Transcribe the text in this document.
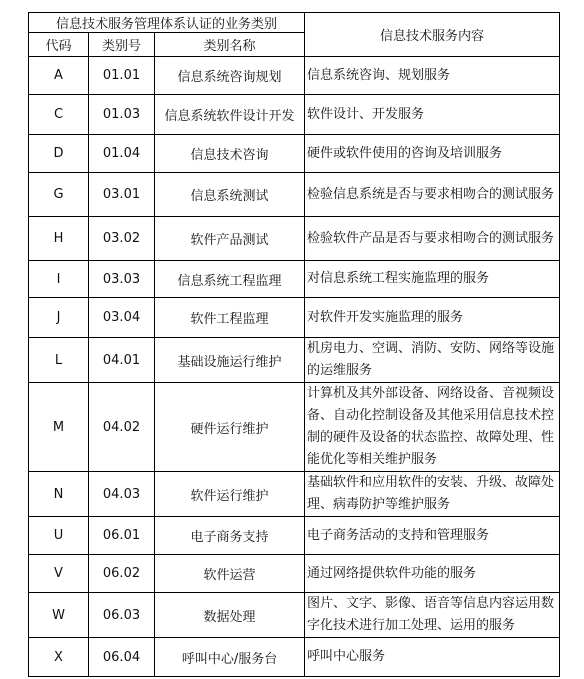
信息技术服务管理体系认证的业务类别			信息技术服务内容
代码	类别号	类别名称	
A	01.01	信息系统咨询规划	信息系统咨询、规划服务
C	01.03	信息系统软件设计开发	软件设计、开发服务
D	01.04	信息技术咨询	硬件或软件使用的咨询及培训服务
G	03.01	信息系统测试	检验信息系统是否与要求相吻合的测试服务
H	03.02	软件产品测试	检验软件产品是否与要求相吻合的测试服务
I	03.03	信息系统工程监理	对信息系统工程实施监理的服务
J	03.04	软件工程监理	对软件开发实施监理的服务
L	04.01	基础设施运行维护	机房电力、空调、消防、安防、网络等设施的运维服务
M	04.02	硬件运行维护	计算机及其外部设备、网络设备、音视频设备、自动化控制设备及其他采用信息技术控制的硬件及设备的状态监控、故障处理、性能优化等相关维护服务
N	04.03	软件运行维护	基础软件和应用软件的安装、升级、故障处理、病毒防护等维护服务
U	06.01	电子商务支持	电子商务活动的支持和管理服务
V	06.02	软件运营	通过网络提供软件功能的服务
W	06.03	数据处理	图片、文字、影像、语音等信息内容运用数字化技术进行加工处理、运用的服务
X	06.04	呼叫中心/服务台	呼叫中心服务
